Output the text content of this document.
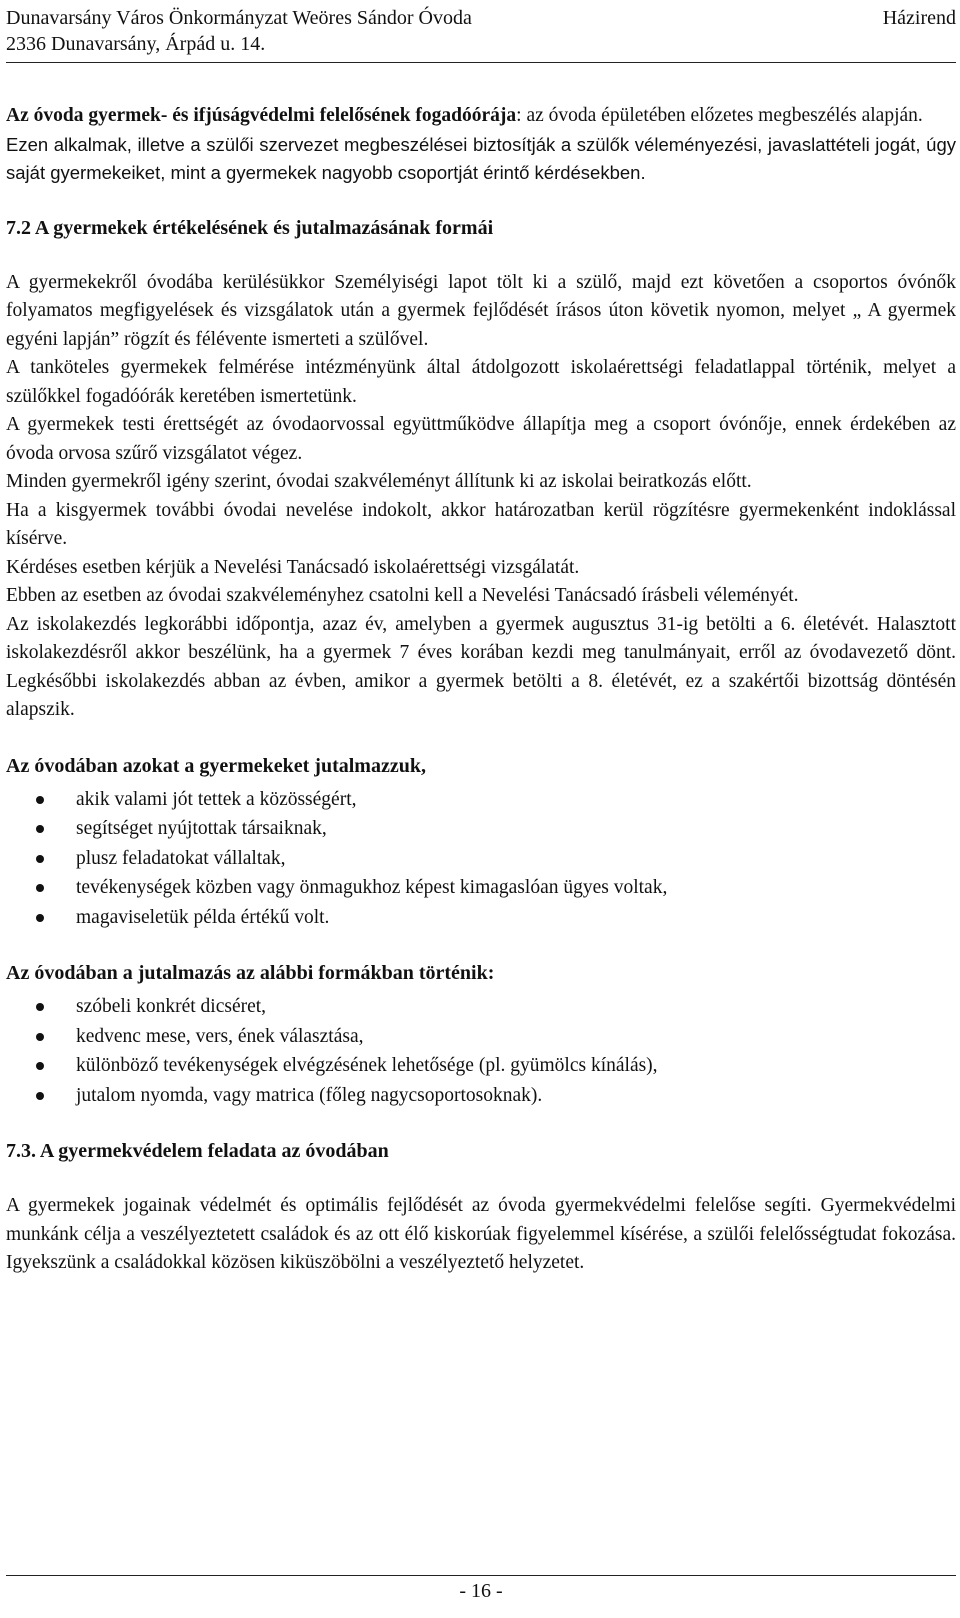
Dunavarsány Város Önkormányzat Weöres Sándor Óvoda	Házirend
2336 Dunavarsány, Árpád u. 14.

Az óvoda gyermek- és ifjúságvédelmi felelősének fogadóórája: az óvoda épületében előzetes megbeszélés alapján.

Ezen alkalmak, illetve a szülői szervezet megbeszélései biztosítják a szülők véleményezési, javaslattételi jogát, úgy saját gyermekeiket, mint a gyermekek nagyobb csoportját érintő kérdésekben.

7.2 A gyermekek értékelésének és jutalmazásának formái

A gyermekekről óvodába kerülésükkor Személyiségi lapot tölt ki a szülő, majd ezt követően a csoportos óvónők folyamatos megfigyelések és vizsgálatok után a gyermek fejlődését írásos úton követik nyomon, melyet „ A gyermek egyéni lapján” rögzít és félévente ismerteti a szülővel.

A tanköteles gyermekek felmérése intézményünk által átdolgozott iskolaérettségi feladatlappal történik, melyet a szülőkkel fogadóórák keretében ismertetünk.

A gyermekek testi érettségét az óvodaorvossal együttműködve állapítja meg a csoport óvónője, ennek érdekében az óvoda orvosa szűrő vizsgálatot végez.

Minden gyermekről igény szerint, óvodai szakvéleményt állítunk ki az iskolai beiratkozás előtt.

Ha a kisgyermek további óvodai nevelése indokolt, akkor határozatban kerül rögzítésre gyermekenként indoklással kísérve.

Kérdéses esetben kérjük a Nevelési Tanácsadó iskolaérettségi vizsgálatát.

Ebben az esetben az óvodai szakvéleményhez csatolni kell a Nevelési Tanácsadó írásbeli véleményét.

Az iskolakezdés legkorábbi időpontja, azaz év, amelyben a gyermek augusztus 31-ig betölti a 6. életévét. Halasztott iskolakezdésről akkor beszélünk, ha a gyermek 7 éves korában kezdi meg tanulmányait, erről az óvodavezető dönt. Legkésőbbi iskolakezdés abban az évben, amikor a gyermek betölti a 8. életévét, ez a szakértői bizottság döntésén alapszik.

Az óvodában azokat a gyermekeket jutalmazzuk,

akik valami jót tettek a közösségért,
segítséget nyújtottak társaiknak,
plusz feladatokat vállaltak,
tevékenységek közben vagy önmagukhoz képest kimagaslóan ügyes voltak,
magaviseletük példa értékű volt.

Az óvodában a jutalmazás az alábbi formákban történik:

szóbeli konkrét dicséret,
kedvenc mese, vers, ének választása,
különböző tevékenységek elvégzésének lehetősége (pl. gyümölcs kínálás),
jutalom nyomda, vagy matrica (főleg nagycsoportosoknak).
7.3. A gyermekvédelem feladata az óvodában

A gyermekek jogainak védelmét és optimális fejlődését az óvoda gyermekvédelmi felelőse segíti. Gyermekvédelmi munkánk célja a veszélyeztetett családok és az ott élő kiskorúak figyelemmel kísérése, a szülői felelősségtudat fokozása. Igyekszünk a családokkal közösen kiküszöbölni a veszélyeztető helyzetet.

- 16 -
